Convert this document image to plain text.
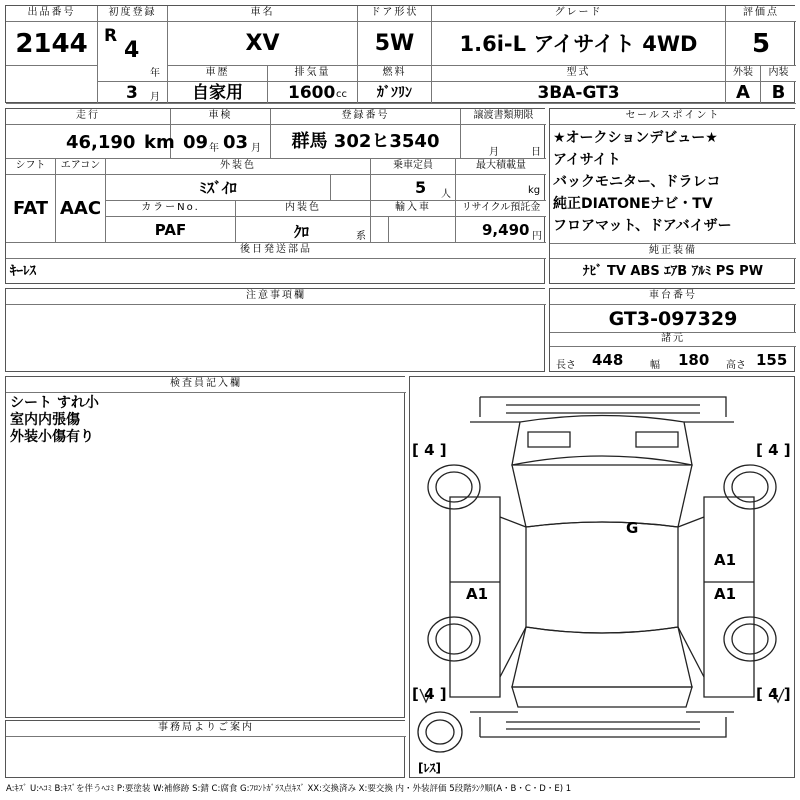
出品番号
2144
初度登録
R
4
年
3 月
車名
XV
ドア形状
5W
グレード
1.6i-L アイサイト 4WD
評価点
5
車歴
自家用
排気量
1600 cc
燃料
ｶﾞｿﾘﾝ
型式
3BA-GT3
外装	内装
A	B
走行
46,190 km
車検
09 年 03 月
登録番号
群馬 302ヒ3540
譲渡書類期限
月	日
シフト
FAT
エアコン
AAC
外装色
ﾐｽﾞｲﾛ
乗車定員
5 人
最大積載量
kg
カラーNo.
PAF
内装色
ｸﾛ	系
輸入車	リサイクル預託金
9,490 円
後日発送部品
ｷｰﾚｽ
セールスポイント
★オークションデビュー★
アイサイト
バックモニター、ドラレコ
純正DIATONEナビ・TV
フロアマット、ドアバイザー
純正装備
ﾅﾋﾞ TV ABS ｴｱB ｱﾙﾐ PS PW
注意事項欄	車台番号
GT3-097329
諸元
長さ 448	幅 180 高さ 155
検査員記入欄
シート すれ小
室内内張傷
外装小傷有り
[ 4 ]	[ 4 ]
[ 4 ]	[ 4 ]
[ﾚｽ]
G
A1
A1	A1
事務局よりご案内
A:ｷｽﾞ U:ﾍｺﾐ B:ｷｽﾞを伴うﾍｺﾐ P:要塗装 W:補修跡 S:錆 C:腐食 G:ﾌﾛﾝﾄｶﾞﾗｽ点ｷｽﾞ XX:交換済み X:要交換 内・外装評価 5段階ﾗﾝｸ順(A・B・C・D・E) 1
